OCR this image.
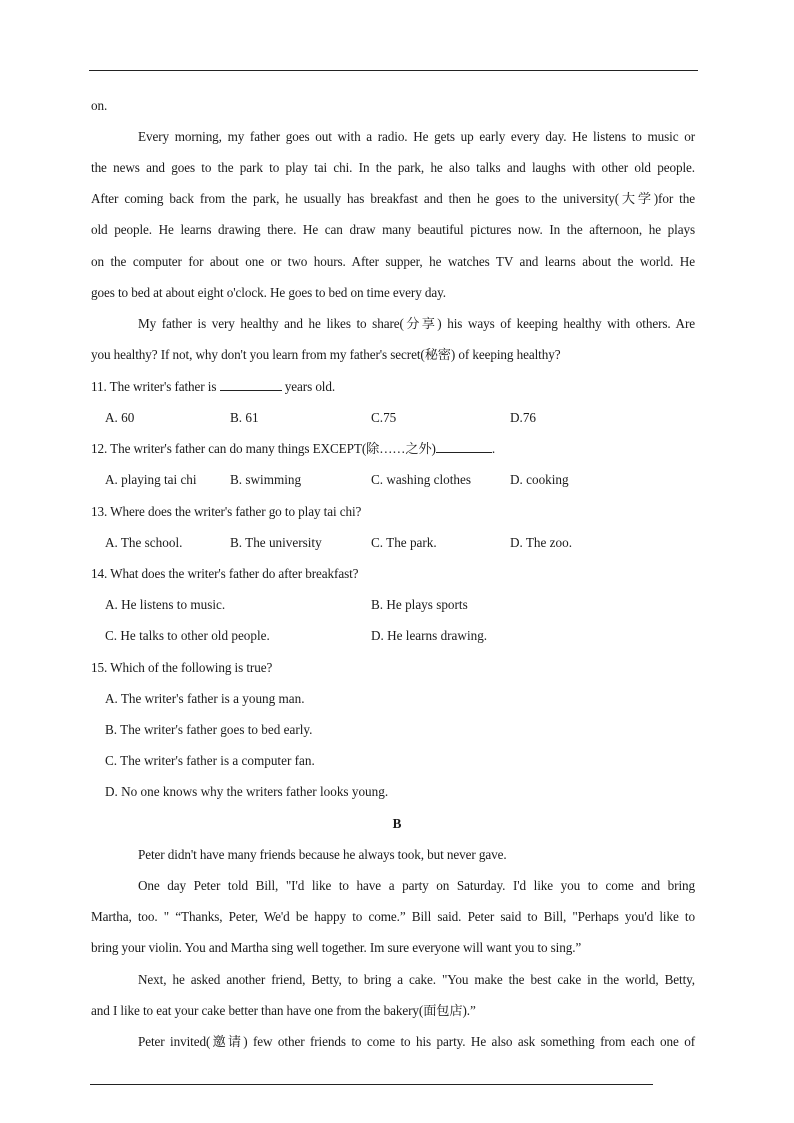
on.
Every morning, my father goes out with a radio. He gets up early every day. He listens to music or
the news and goes to the park to play tai chi. In the park, he also talks and laughs with other old people.
After coming back from the park, he usually has breakfast and then he goes to the university(大学)for the
old people. He learns drawing there. He can draw many beautiful pictures now. In the afternoon, he plays
on the computer for about one or two hours. After supper, he watches TV and learns about the world. He
goes to bed at about eight o'clock. He goes to bed on time every day.
My father is very healthy and he likes to share(分享) his ways of keeping healthy with others. Are
you healthy? If not, why don't you learn from my father's secret(秘密) of keeping healthy?
11. The writer's father is	years old.
A. 60	B. 61	C.75	D.76
12. The writer's father can do many things EXCEPT(除……之外)	.
A. playing tai chi	B. swimming	C. washing clothes	D. cooking
13. Where does the writer's father go to play tai chi?
A. The school.	B. The university	C. The park.	D. The zoo.
14. What does the writer's father do after breakfast?
A. He listens to music.	B. He plays sports
C. He talks to other old people.	D. He learns drawing.
15. Which of the following is true?
A. The writer's father is a young man.
B. The writer's father goes to bed early.
C. The writer's father is a computer fan.
D. No one knows why the writers father looks young.
B
Peter didn't have many friends because he always took, but never gave.
One day Peter told Bill, "I'd like to have a party on Saturday. I'd like you to come and bring
Martha, too. " “Thanks, Peter, We'd be happy to come.” Bill said. Peter said to Bill, "Perhaps you'd like to
bring your violin. You and Martha sing well together. Im sure everyone will want you to sing.”
Next, he asked another friend, Betty, to bring a cake. "You make the best cake in the world, Betty,
and I like to eat your cake better than have one from the bakery(面包店).”
Peter invited(邀请) few other friends to come to his party. He also ask something from each one of
